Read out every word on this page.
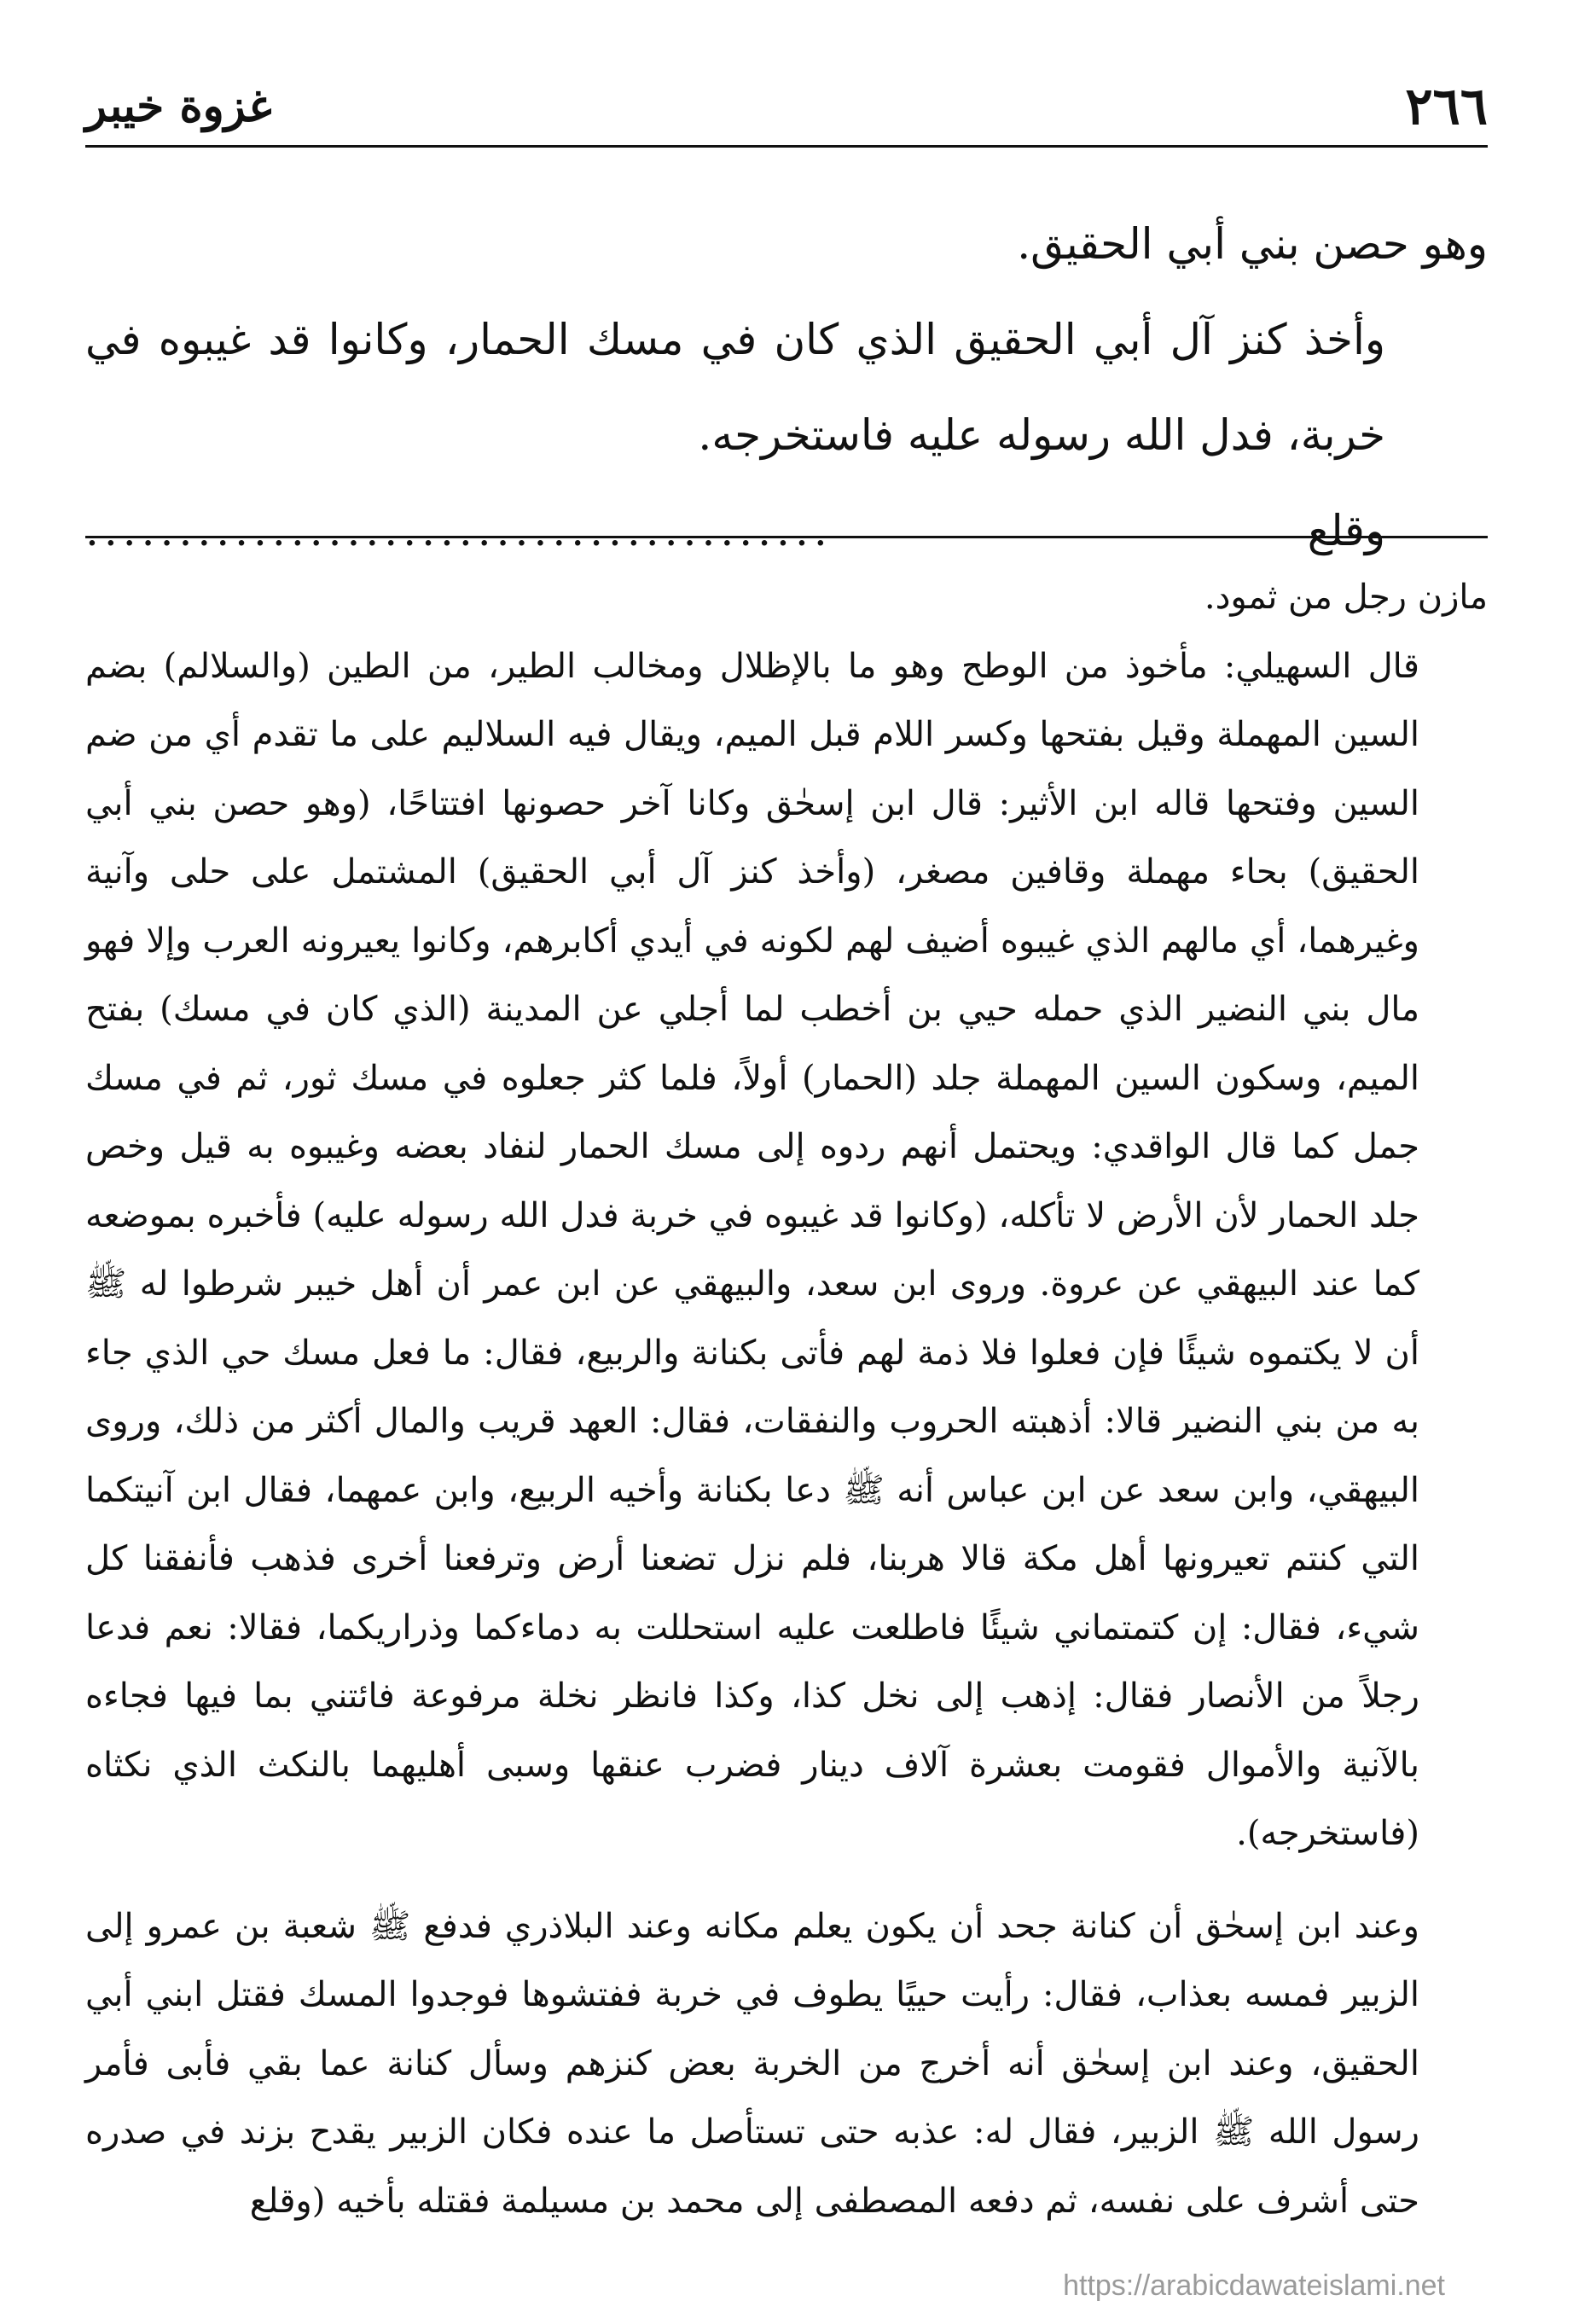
٢٦٦
غزوة خيبر

وهو حصن بني أبي الحقيق.

وأخذ كنز آل أبي الحقيق الذي كان في مسك الحمار، وكانوا قد غيبوه في خربة، فدل الله رسوله عليه فاستخرجه.

وقلع
........................................

مازن رجل من ثمود.

قال السهيلي: مأخوذ من الوطح وهو ما بالإظلال ومخالب الطير، من الطين (والسلالم) بضم السين المهملة وقيل بفتحها وكسر اللام قبل الميم، ويقال فيه السلاليم على ما تقدم أي من ضم السين وفتحها قاله ابن الأثير: قال ابن إسحٰق وكانا آخر حصونها افتتاحًا، (وهو حصن بني أبي الحقيق) بحاء مهملة وقافين مصغر، (وأخذ كنز آل أبي الحقيق) المشتمل على حلى وآنية وغيرهما، أي مالهم الذي غيبوه أضيف لهم لكونه في أيدي أكابرهم، وكانوا يعيرونه العرب وإلا فهو مال بني النضير الذي حمله حيي بن أخطب لما أجلي عن المدينة (الذي كان في مسك) بفتح الميم، وسكون السين المهملة جلد (الحمار) أولاً، فلما كثر جعلوه في مسك ثور، ثم في مسك جمل كما قال الواقدي: ويحتمل أنهم ردوه إلى مسك الحمار لنفاد بعضه وغيبوه به قيل وخص جلد الحمار لأن الأرض لا تأكله، (وكانوا قد غيبوه في خربة فدل الله رسوله عليه) فأخبره بموضعه كما عند البيهقي عن عروة. وروى ابن سعد، والبيهقي عن ابن عمر أن أهل خيبر شرطوا له ﷺ أن لا يكتموه شيئًا فإن فعلوا فلا ذمة لهم فأتى بكنانة والربيع، فقال: ما فعل مسك حي الذي جاء به من بني النضير قالا: أذهبته الحروب والنفقات، فقال: العهد قريب والمال أكثر من ذلك، وروى البيهقي، وابن سعد عن ابن عباس أنه ﷺ دعا بكنانة وأخيه الربيع، وابن عمهما، فقال ابن آنيتكما التي كنتم تعيرونها أهل مكة قالا هربنا، فلم نزل تضعنا أرض وترفعنا أخرى فذهب فأنفقنا كل شيء، فقال: إن كتمتماني شيئًا فاطلعت عليه استحللت به دماءكما وذراريكما، فقالا: نعم فدعا رجلاً من الأنصار فقال: إذهب إلى نخل كذا، وكذا فانظر نخلة مرفوعة فائتني بما فيها فجاءه بالآنية والأموال فقومت بعشرة آلاف دينار فضرب عنقها وسبى أهليهما بالنكث الذي نكثاه (فاستخرجه).

وعند ابن إسحٰق أن كنانة جحد أن يكون يعلم مكانه وعند البلاذري فدفع ﷺ شعبة بن عمرو إلى الزبير فمسه بعذاب، فقال: رأيت حييًا يطوف في خربة ففتشوها فوجدوا المسك فقتل ابني أبي الحقيق، وعند ابن إسحٰق أنه أخرج من الخربة بعض كنزهم وسأل كنانة عما بقي فأبى فأمر رسول الله ﷺ الزبير، فقال له: عذبه حتى تستأصل ما عنده فكان الزبير يقدح بزند في صدره حتى أشرف على نفسه، ثم دفعه المصطفى إلى محمد بن مسيلمة فقتله بأخيه (وقلع

https://arabicdawateislami.net
